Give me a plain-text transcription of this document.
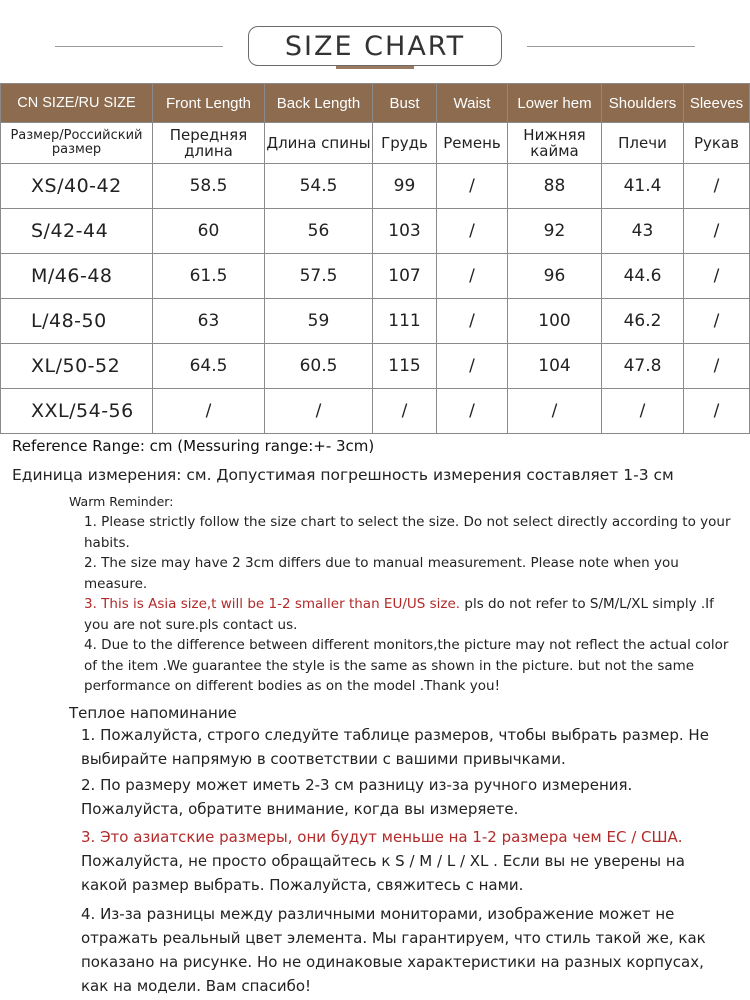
SIZE CHART
CN SIZE/RU SIZE	Front Length	Back Length	Bust	Waist	Lower hem	Shoulders	Sleeves
Размер/Российский размер	Передняя длина	Длина спины	Грудь	Ремень	Нижняя кайма	Плечи	Рукав
XS/40-42	58.5	54.5	99	/	88	41.4	/
S/42-44	60	56	103	/	92	43	/
M/46-48	61.5	57.5	107	/	96	44.6	/
L/48-50	63	59	111	/	100	46.2	/
XL/50-52	64.5	60.5	115	/	104	47.8	/
XXL/54-56	/	/	/	/	/	/	/
Reference Range: cm (Messuring range:+- 3cm)
Единица измерения: см. Допустимая погрешность измерения составляет 1-3 см
Warm Reminder:

1. Please strictly follow the size chart to select the size. Do not select directly according to your habits.

2. The size may have 2 3cm differs due to manual measurement. Please note when you measure.

3. This is Asia size,t will be 1-2 smaller than EU/US size. pls do not refer to S/M/L/XL simply .If you are not sure.pls contact us.

4. Due to the difference between different monitors,the picture may not reflect the actual color of the item .We guarantee the style is the same as shown in the picture. but not the same performance on different bodies as on the model .Thank you!

Теплое напоминание
1. Пожалуйста, строго следуйте таблице размеров, чтобы выбрать размер. Не выбирайте напрямую в соответствии с вашими привычками.
2. По размеру может иметь 2-3 см разницу из-за ручного измерения. Пожалуйста, обратите внимание, когда вы измеряете.
3. Это азиатские размеры, они будут меньше на 1-2 размера чем ЕС / США.
Пожалуйста, не просто обращайтесь к S / M / L / XL . Если вы не уверены на какой размер выбрать. Пожалуйста, свяжитесь с нами.
4. Из-за разницы между различными мониторами, изображение может не отражать реальный цвет элемента. Мы гарантируем, что стиль такой же, как показано на рисунке. Но не одинаковые характеристики на разных корпусах, как на модели. Вам спасибо!
